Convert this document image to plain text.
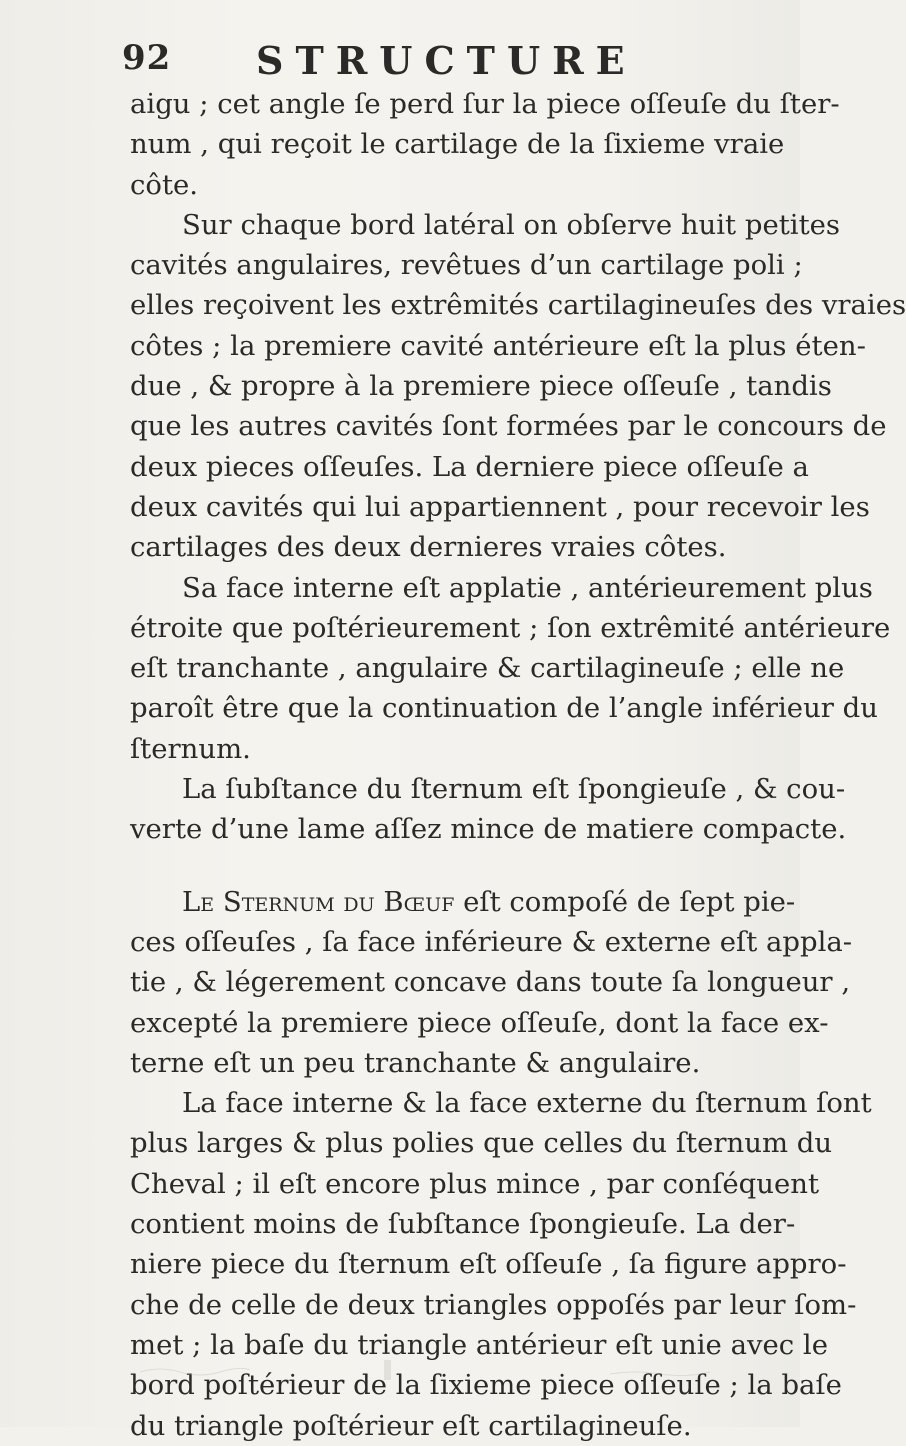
92 STRUCTURE
aigu ; cet angle ſe perd ſur la piece oſſeuſe du ſter-
num , qui reçoit le cartilage de la ſixieme vraie
côte.
Sur chaque bord latéral on obſerve huit petites
cavités angulaires, revêtues d’un cartilage poli ;
elles reçoivent les extrêmités cartilagineuſes des vraies
côtes ; la premiere cavité antérieure eſt la plus éten-
due , & propre à la premiere piece oſſeuſe , tandis
que les autres cavités ſont formées par le concours de
deux pieces oſſeuſes. La derniere piece oſſeuſe a
deux cavités qui lui appartiennent , pour recevoir les
cartilages des deux dernieres vraies côtes.
Sa face interne eſt applatie , antérieurement plus
étroite que poſtérieurement ; ſon extrêmité antérieure
eſt tranchante , angulaire & cartilagineuſe ; elle ne
paroît être que la continuation de l’angle inférieur du
ſternum.
La ſubſtance du ſternum eſt ſpongieuſe , & cou-
verte d’une lame aſſez mince de matiere compacte.
Le Sternum du Bœuf eſt compoſé de ſept pie-
ces oſſeuſes , ſa face inférieure & externe eſt appla-
tie , & légerement concave dans toute ſa longueur ,
excepté la premiere piece oſſeuſe, dont la face ex-
terne eſt un peu tranchante & angulaire.
La face interne & la face externe du ſternum ſont
plus larges & plus polies que celles du ſternum du
Cheval ; il eſt encore plus mince , par conſéquent
contient moins de ſubſtance ſpongieuſe. La der-
niere piece du ſternum eſt oſſeuſe , ſa figure appro-
che de celle de deux triangles oppoſés par leur ſom-
met ; la baſe du triangle antérieur eſt unie avec le
bord poſtérieur de la ſixieme piece oſſeuſe ; la baſe
du triangle poſtérieur eſt cartilagineuſe.
